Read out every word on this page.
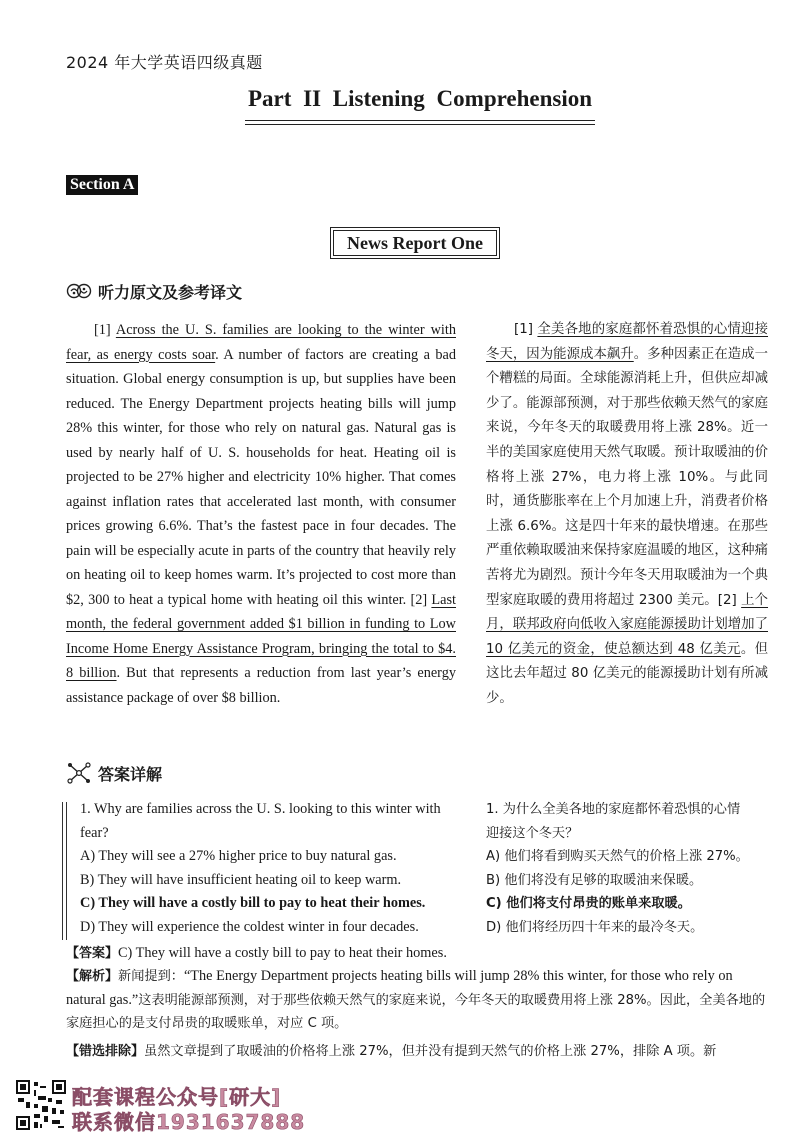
2024 年大学英语四级真题
Part II Listening Comprehension
Section A
News Report One
听力原文及参考译文
[1] Across the U. S. families are looking to the winter with fear, as energy costs soar. A number of factors are creating a bad situation. Global energy consumption is up, but supplies have been reduced. The Energy Department projects heating bills will jump 28% this winter, for those who rely on natural gas. Natural gas is used by nearly half of U. S. households for heat. Heating oil is projected to be 27% higher and electricity 10% higher. That comes against inflation rates that accelerated last month, with consumer prices growing 6.6%. That’s the fastest pace in four decades. The pain will be especially acute in parts of the country that heavily rely on heating oil to keep homes warm. It’s projected to cost more than $2, 300 to heat a typical home with heating oil this winter. [2] Last month, the federal government added $1 billion in funding to Low Income Home Energy Assistance Program, bringing the total to $4. 8 billion. But that represents a reduction from last year’s energy assistance package of over $8 billion.
[1] 全美各地的家庭都怀着恐惧的心情迎接冬天，因为能源成本飙升。多种因素正在造成一个糟糕的局面。全球能源消耗上升，但供应却减少了。能源部预测，对于那些依赖天然气的家庭来说，今年冬天的取暖费用将上涨 28%。近一半的美国家庭使用天然气取暖。预计取暖油的价格将上涨 27%，电力将上涨 10%。与此同时，通货膨胀率在上个月加速上升，消费者价格上涨 6.6%。这是四十年来的最快增速。在那些严重依赖取暖油来保持家庭温暖的地区，这种痛苦将尤为剧烈。预计今年冬天用取暖油为一个典型家庭取暖的费用将超过 2300 美元。[2] 上个月，联邦政府向低收入家庭能源援助计划增加了 10 亿美元的资金，使总额达到 48 亿美元。但这比去年超过 80 亿美元的能源援助计划有所减少。
答案详解
1. Why are families across the U. S. looking to this winter with
fear?
A) They will see a 27% higher price to buy natural gas.
B) They will have insufficient heating oil to keep warm.
C) They will have a costly bill to pay to heat their homes.
D) They will experience the coldest winter in four decades.
1. 为什么全美各地的家庭都怀着恐惧的心情
迎接这个冬天？
A) 他们将看到购买天然气的价格上涨 27%。
B) 他们将没有足够的取暖油来保暖。
C) 他们将支付昂贵的账单来取暖。
D) 他们将经历四十年来的最冷冬天。
【答案】C) They will have a costly bill to pay to heat their homes.
【解析】新闻提到：“The Energy Department projects heating bills will jump 28% this winter, for those who rely on natural gas.”这表明能源部预测，对于那些依赖天然气的家庭来说，今年冬天的取暖费用将上涨 28%。因此，全美各地的家庭担心的是支付昂贵的取暖账单，对应 C 项。
【错选排除】虽然文章提到了取暖油的价格将上涨 27%，但并没有提到天然气的价格上涨 27%，排除 A 项。新
配套课程公众号[研大]
联系微信1931637888
